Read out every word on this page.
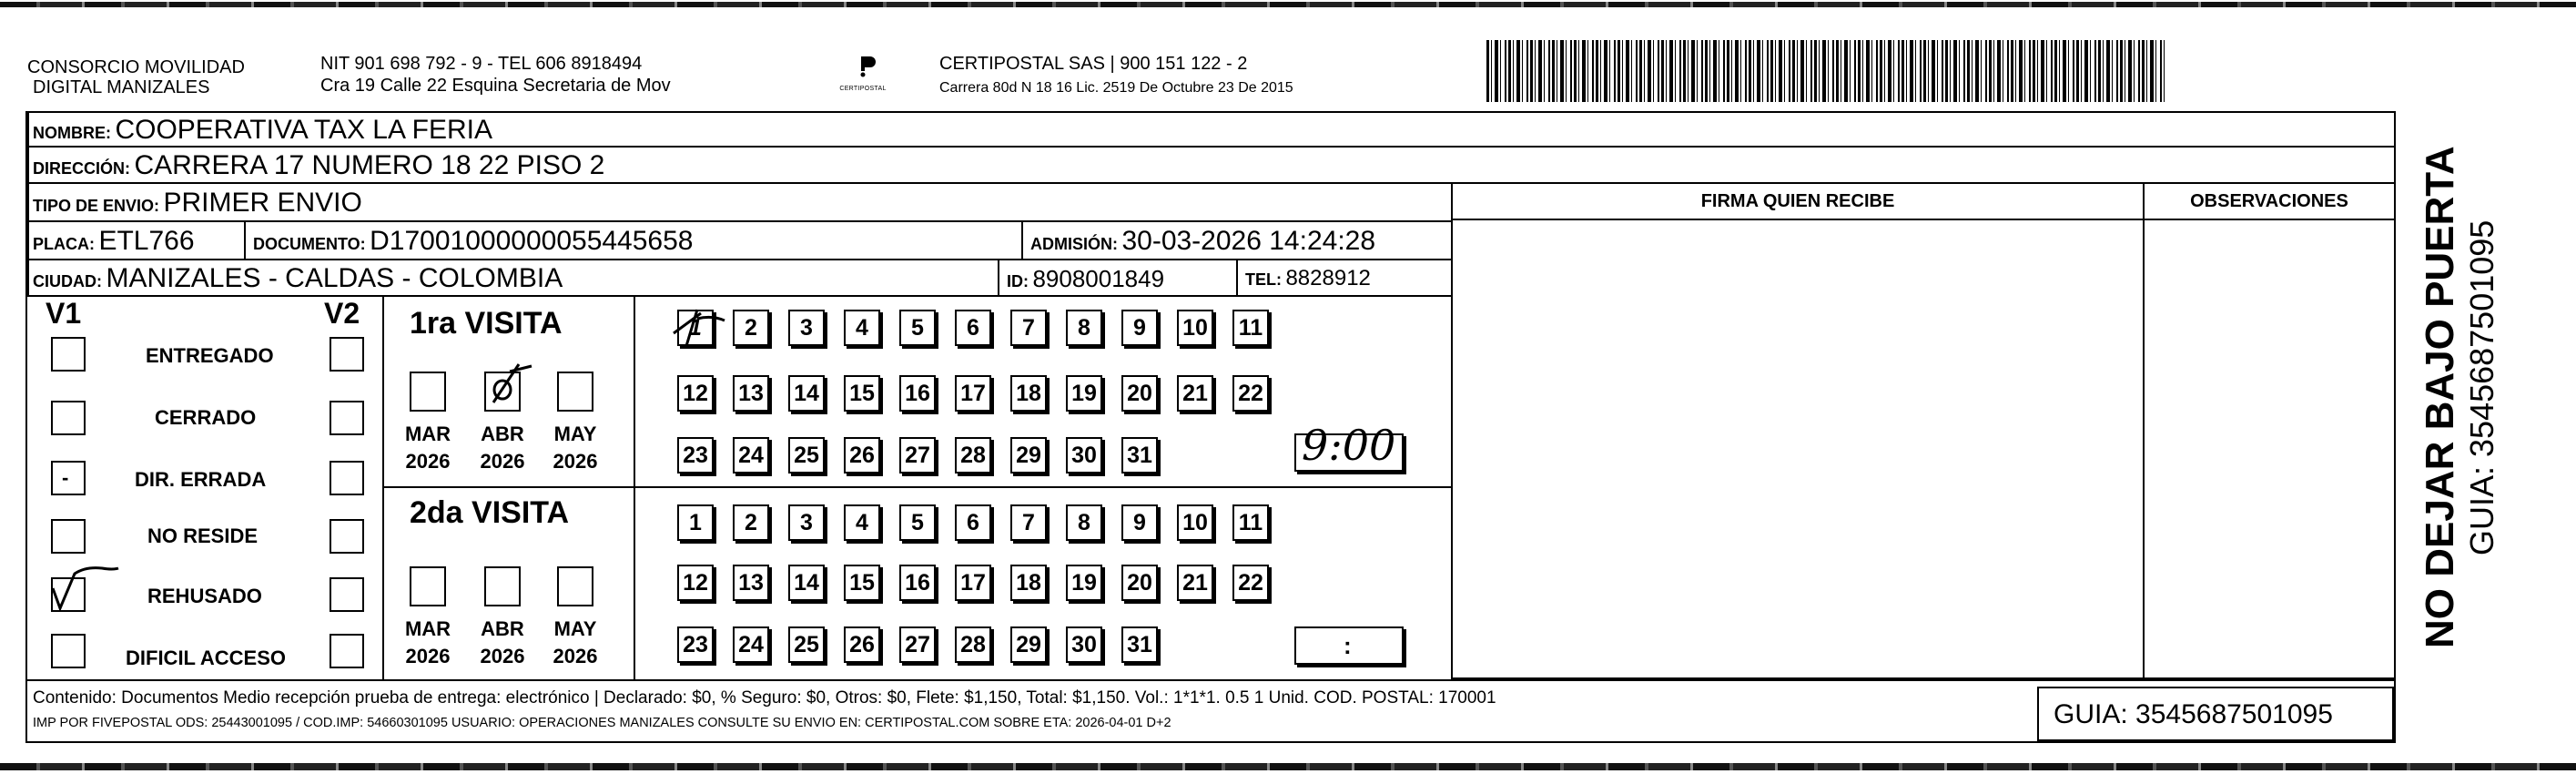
CONSORCIO MOVILIDAD
DIGITAL MANIZALES
NIT 901 698 792 - 9 - TEL 606 8918494
Cra 19 Calle 22 Esquina Secretaria de Mov	CERTIPOSTAL
CERTIPOSTAL SAS | 900 151 122 - 2
Carrera 80d N 18 16 Lic. 2519 De Octubre 23 De 2015
NOMBRE: COOPERATIVA TAX LA FERIA
DIRECCIÓN: CARRERA 17 NUMERO 18 22 PISO 2
TIPO DE ENVIO: PRIMER ENVIO
PLACA: ETL766	DOCUMENTO: D17001000000055445658	ADMISIÓN: 30-03-2026 14:24:28
CIUDAD: MANIZALES - CALDAS - COLOMBIA	ID: 8908001849	TEL: 8828912
FIRMA QUIEN RECIBE	OBSERVACIONES
V1	V2
ENTREGADO
CERRADO
-	DIR. ERRADA
NO RESIDE
REHUSADO
DIFICIL ACCESO
1ra VISITA
MAR ABR MAY
2026 2026 2026
1	2	3	4	5	6	7	8	9	10 11
12 13 14 15 16 17 18 19 20 21 22
23 24 25 26 27 28 29 30 31	9:00
2da VISITA
MAR ABR MAY
2026 2026 2026
1	2	3	4	5	6	7	8	9	10 11
12 13 14 15 16 17 18 19 20 21 22
23 24 25 26 27 28 29 30 31	:
Contenido: Documentos Medio recepción prueba de entrega: electrónico | Declarado: $0, % Seguro: $0, Otros: $0, Flete: $1,150, Total: $1,150. Vol.: 1*1*1. 0.5 1 Unid. COD. POSTAL: 170001
IMP POR FIVEPOSTAL ODS: 25443001095 / COD.IMP: 54660301095 USUARIO: OPERACIONES MANIZALES CONSULTE SU ENVIO EN: CERTIPOSTAL.COM SOBRE ETA: 2026-04-01 D+2	GUIA: 3545687501095
NO DEJAR BAJO PUERTA GUIA: 3545687501095
